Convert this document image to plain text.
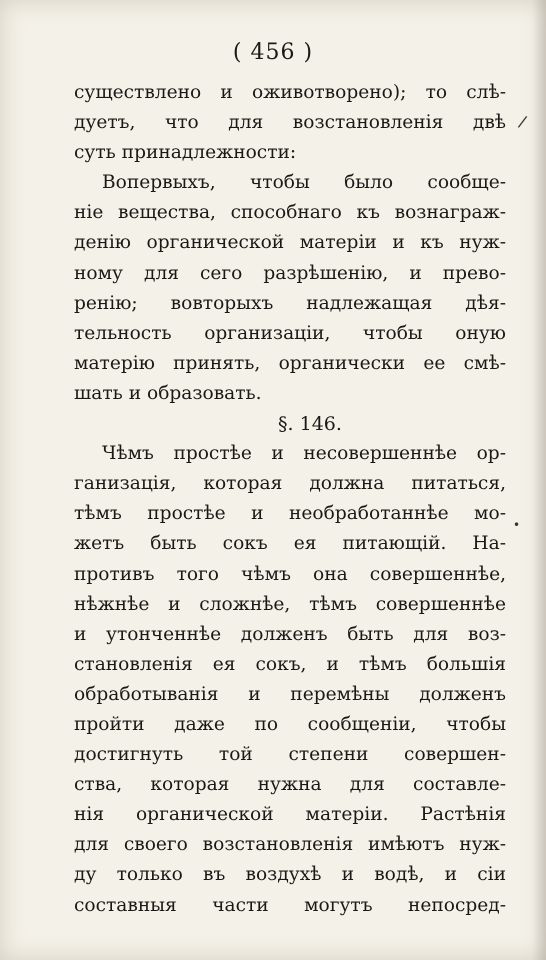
( 456 )
существлено и оживотворено); то слѣ-
дуетъ, что для возстановленія двѣ
суть принадлежности:
Вопервыхъ, чтобы было сообще-
ніе вещества, способнаго къ вознаграж-
денію органической матеріи и къ нуж-
ному для сего разрѣшенію, и прево-
ренію; вовторыхъ надлежащая дѣя-
тельность организаціи, чтобы оную
матерію принять, органически ее смѣ-
шать и образовать.
§. 146.
Чѣмъ простѣе и несовершеннѣе ор-
ганизація, которая должна питаться,
тѣмъ простѣе и необработаннѣе мо-
жетъ быть сокъ ея питающій. На-
противъ того чѣмъ она совершеннѣе,
нѣжнѣе и сложнѣе, тѣмъ совершеннѣе
и утонченнѣе долженъ быть для воз-
становленія ея сокъ, и тѣмъ большія
обработыванія и перемѣны долженъ
пройти даже по сообщеніи, чтобы
достигнуть той степени совершен-
ства, которая нужна для составле-
нія органической матеріи. Растѣнія
для своего возстановленія имѣютъ нуж-
ду только въ воздухѣ и водѣ, и сіи
составныя части могутъ непосред-
/
•
